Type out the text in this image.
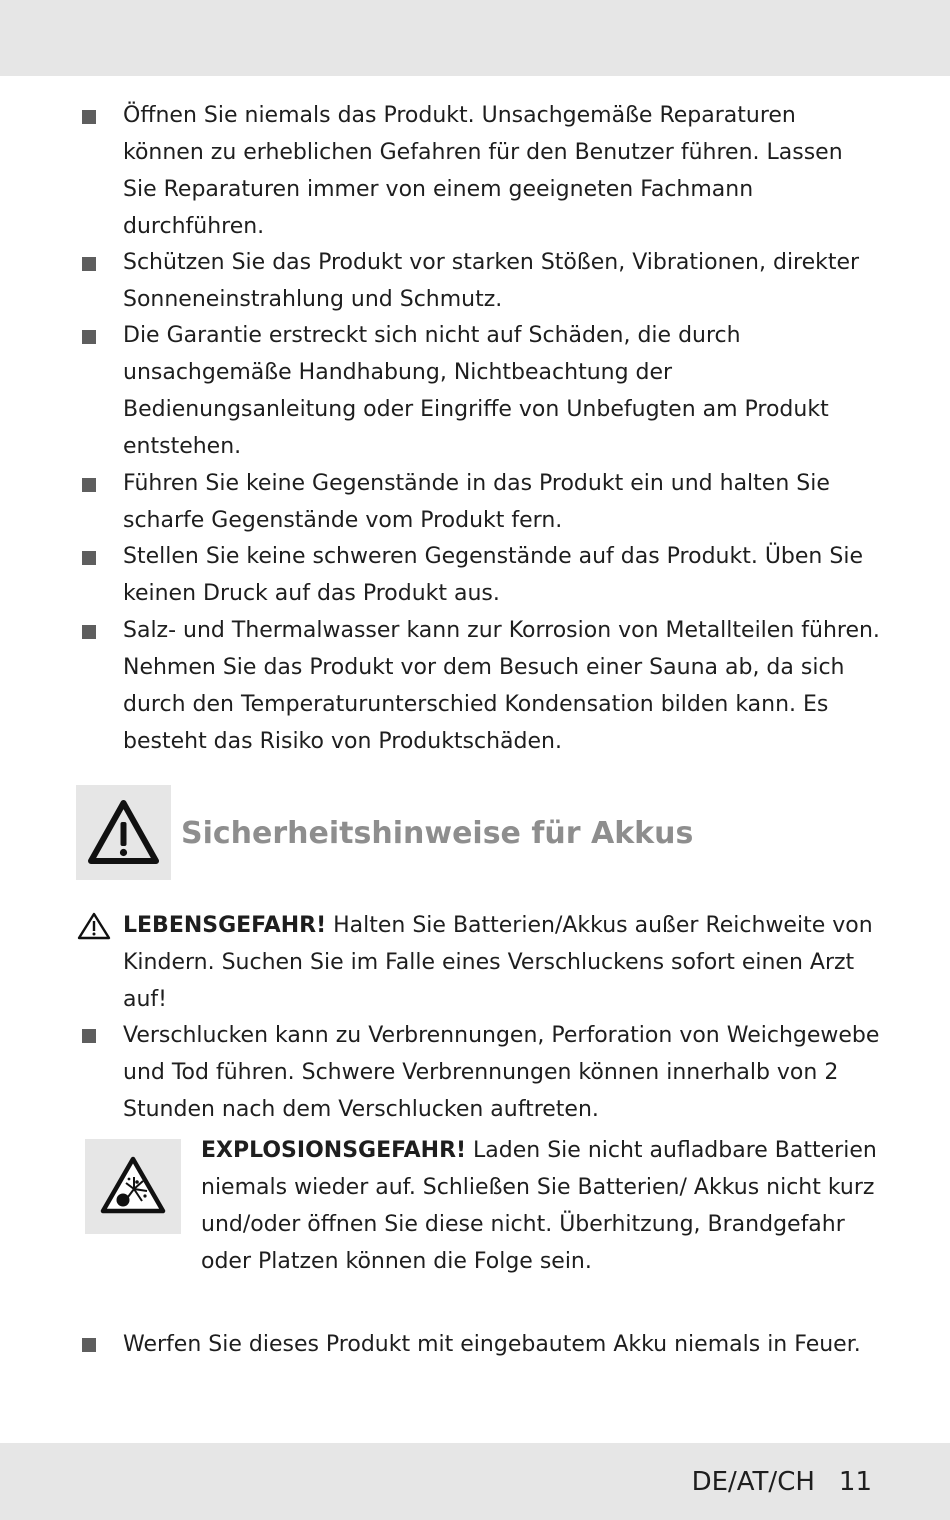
Öffnen Sie niemals das Produkt. Unsachgemäße Reparaturen können zu erheblichen Gefahren für den Benutzer führen. Lassen Sie Reparaturen immer von einem geeigneten Fachmann durchführen.
Schützen Sie das Produkt vor starken Stößen, Vibrationen, direkter Sonneneinstrahlung und Schmutz.
Die Garantie erstreckt sich nicht auf Schäden, die durch unsachgemäße Handhabung, Nichtbeachtung der Bedienungsanleitung oder Eingriffe von Unbefugten am Produkt entstehen.
Führen Sie keine Gegenstände in das Produkt ein und halten Sie scharfe Gegenstände vom Produkt fern.
Stellen Sie keine schweren Gegenstände auf das Produkt. Üben Sie keinen Druck auf das Produkt aus.
Salz- und Thermalwasser kann zur Korrosion von Metallteilen führen. Nehmen Sie das Produkt vor dem Besuch einer Sauna ab, da sich durch den Temperaturunterschied Kondensation bilden kann. Es besteht das Risiko von Produktschäden.
Sicherheitshinweise für Akkus
LEBENSGEFAHR! Halten Sie Batterien/Akkus außer Reichweite von Kindern. Suchen Sie im Falle eines Verschluckens sofort einen Arzt auf!
Verschlucken kann zu Verbrennungen, Perforation von Weichgewebe und Tod führen. Schwere Verbrennungen können innerhalb von 2 Stunden nach dem Verschlucken auftreten.
EXPLOSIONSGEFAHR! Laden Sie nicht aufladbare Batterien niemals wieder auf. Schließen Sie Batterien/ Akkus nicht kurz und/oder öffnen Sie diese nicht. Überhitzung, Brandgefahr oder Platzen können die Folge sein.
Werfen Sie dieses Produkt mit eingebautem Akku niemals in Feuer.
DE/AT/CH 11
